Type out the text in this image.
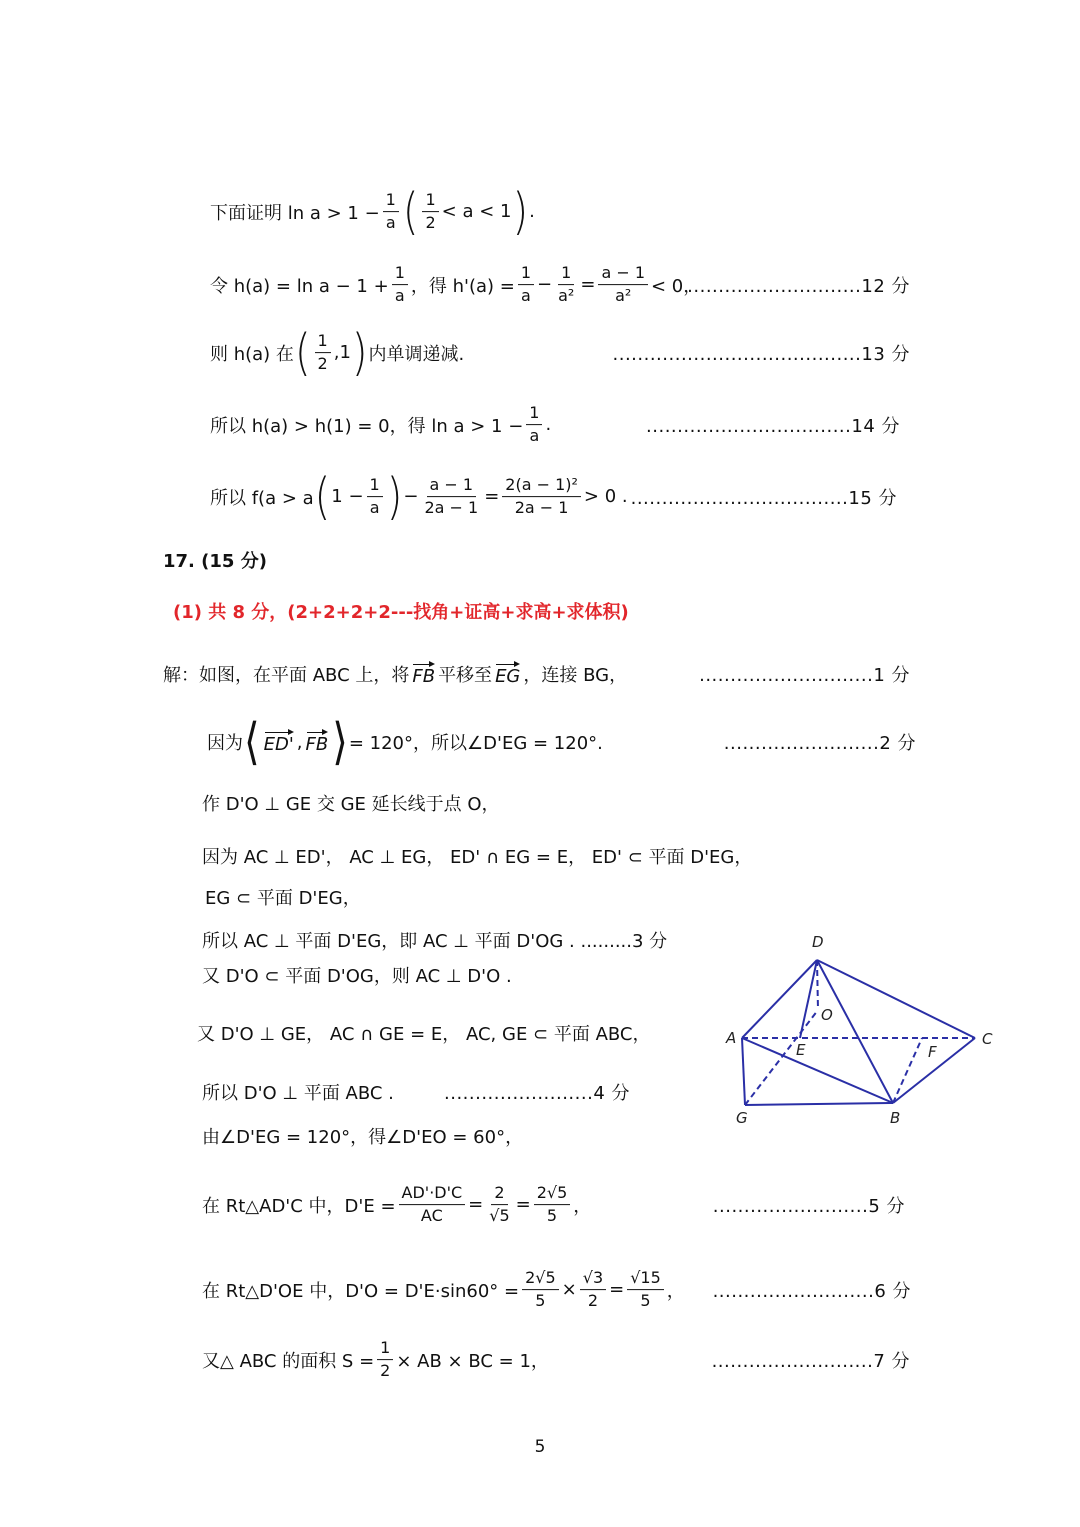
下面证明 $\ln a > 1 - \frac{1}{a}$ ( $\frac{1}{2} < a < 1$ ) .
令 $h(a) = \ln a - 1 + \frac{1}{a}$ ，得 $h'(a) = \frac{1}{a} - \frac{1}{\text{a²}} = \frac{a - 1}{\text{a²}} < 0$，
............................12 分
则 h(a) 在 ( $\frac{1}{2} ,1$ ) 内单调递减.	........................................13 分
所以 h(a) > h(1) = 0，得 $\ln a > 1 - \frac{1}{a}$ .	.................................14 分
所以 f(a > a ( $1 - \frac{1}{a}$ ) − $\frac{a - 1}{2a - 1} = \frac{\text{2(a − 1)²}}{2a - 1} > 0$ . ...................................15 分
17. (15 分)
(1) 共 8 分，(2+2+2+2---找角+证高+求高+求体积)
解：如图，在平面 ABC 上，将 FB 平移至 EG ，连接 BG，	............................1 分
因为 ⟨ ED' , FB ⟩ = 120°，所以∠D'EG = 120°.	.........................2 分
作 D'O ⊥ GE 交 GE 延长线于点 O，
因为 AC ⊥ ED'， AC ⊥ EG， ED' ∩ EG = E， ED' ⊂ 平面 D'EG，
EG ⊂ 平面 D'EG，
所以 AC ⊥ 平面 D'EG，即 AC ⊥ 平面 D'OG . .........3 分
又 D'O ⊂ 平面 D'OG，则 AC ⊥ D'O .
又 D'O ⊥ GE， AC ∩ GE = E， AC, GE ⊂ 平面 ABC，
所以 D'O ⊥ 平面 ABC .	........................4 分
由∠D'EG = 120°，得∠D'EO = 60°，
在 Rt△AD'C 中，$D'E = \frac{AD'\cdot D'C}{AC} = \frac{2}{√5} = \frac{2√5}{5}$ ，	.........................5 分
在 Rt△D'OE 中，$D'O = D'E\cdot\sin 60^\circ = \frac{2√5}{5} \times \frac{√3}{2} = \frac{√15}{5}$ ， ..........................6 分
又△ ABC 的面积 $S = \frac{1}{2}$ × AB × BC = 1，	..........................7 分
D
A	C
E	F
O
G	B
5
